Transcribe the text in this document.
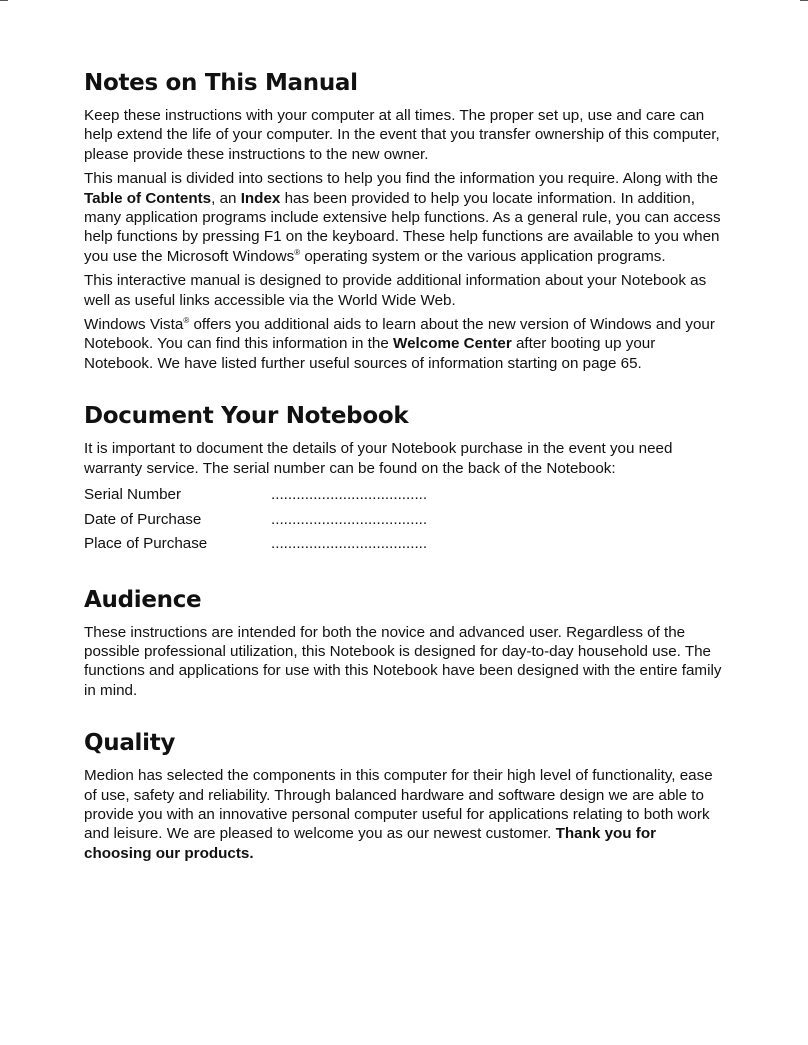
Notes on This Manual

Keep these instructions with your computer at all times. The proper set up, use and care can help extend the life of your computer. In the event that you transfer ownership of this computer, please provide these instructions to the new owner.

This manual is divided into sections to help you find the information you require. Along with the Table of Contents, an Index has been provided to help you locate information. In addition, many application programs include extensive help functions. As a general rule, you can access help functions by pressing F1 on the keyboard. These help functions are available to you when you use the Microsoft Windows® operating system or the various application programs.

This interactive manual is designed to provide additional information about your Notebook as well as useful links accessible via the World Wide Web.

Windows Vista® offers you additional aids to learn about the new version of Windows and your Notebook. You can find this information in the Welcome Center after booting up your Notebook. We have listed further useful sources of information starting on page 65.

Document Your Notebook

It is important to document the details of your Notebook purchase in the event you need warranty service. The serial number can be found on the back of the Notebook:

Serial Number	.....................................
Date of Purchase	.....................................
Place of Purchase	.....................................
Audience

These instructions are intended for both the novice and advanced user. Regardless of the possible professional utilization, this Notebook is designed for day-to-day household use. The functions and applications for use with this Notebook have been designed with the entire family in mind.

Quality

Medion has selected the components in this computer for their high level of functionality, ease of use, safety and reliability. Through balanced hardware and software design we are able to provide you with an innovative personal computer useful for applications relating to both work and leisure. We are pleased to welcome you as our newest customer. Thank you for choosing our products.
